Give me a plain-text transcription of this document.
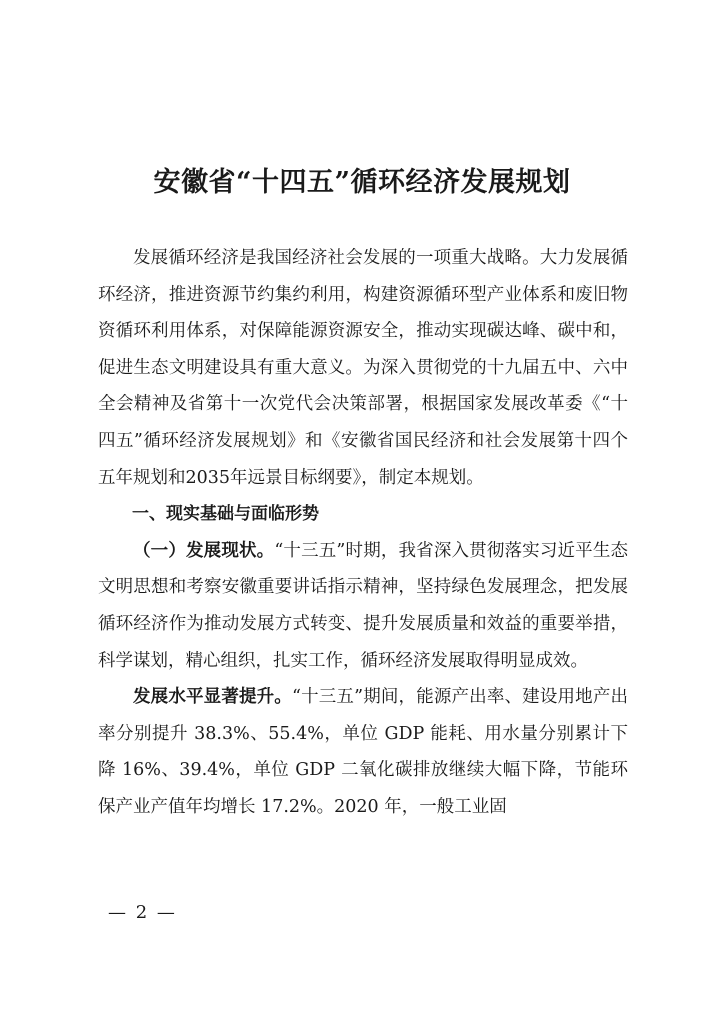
安徽省“十四五”循环经济发展规划

发展循环经济是我国经济社会发展的一项重大战略。大力发展循环经济，推进资源节约集约利用，构建资源循环型产业体系和废旧物资循环利用体系，对保障能源资源安全，推动实现碳达峰、碳中和，促进生态文明建设具有重大意义。为深入贯彻党的十九届五中、六中全会精神及省第十一次党代会决策部署，根据国家发展改革委《“十四五”循环经济发展规划》和《安徽省国民经济和社会发展第十四个五年规划和2035年远景目标纲要》，制定本规划。

一、现实基础与面临形势

（一）发展现状。“十三五”时期，我省深入贯彻落实习近平生态文明思想和考察安徽重要讲话指示精神，坚持绿色发展理念，把发展循环经济作为推动发展方式转变、提升发展质量和效益的重要举措，科学谋划，精心组织，扎实工作，循环经济发展取得明显成效。

发展水平显著提升。“十三五”期间，能源产出率、建设用地产出率分别提升 38.3%、55.4%，单位 GDP 能耗、用水量分别累计下降 16%、39.4%，单位 GDP 二氧化碳排放继续大幅下降，节能环保产业产值年均增长 17.2%。2020 年，一般工业固

— 2 —
